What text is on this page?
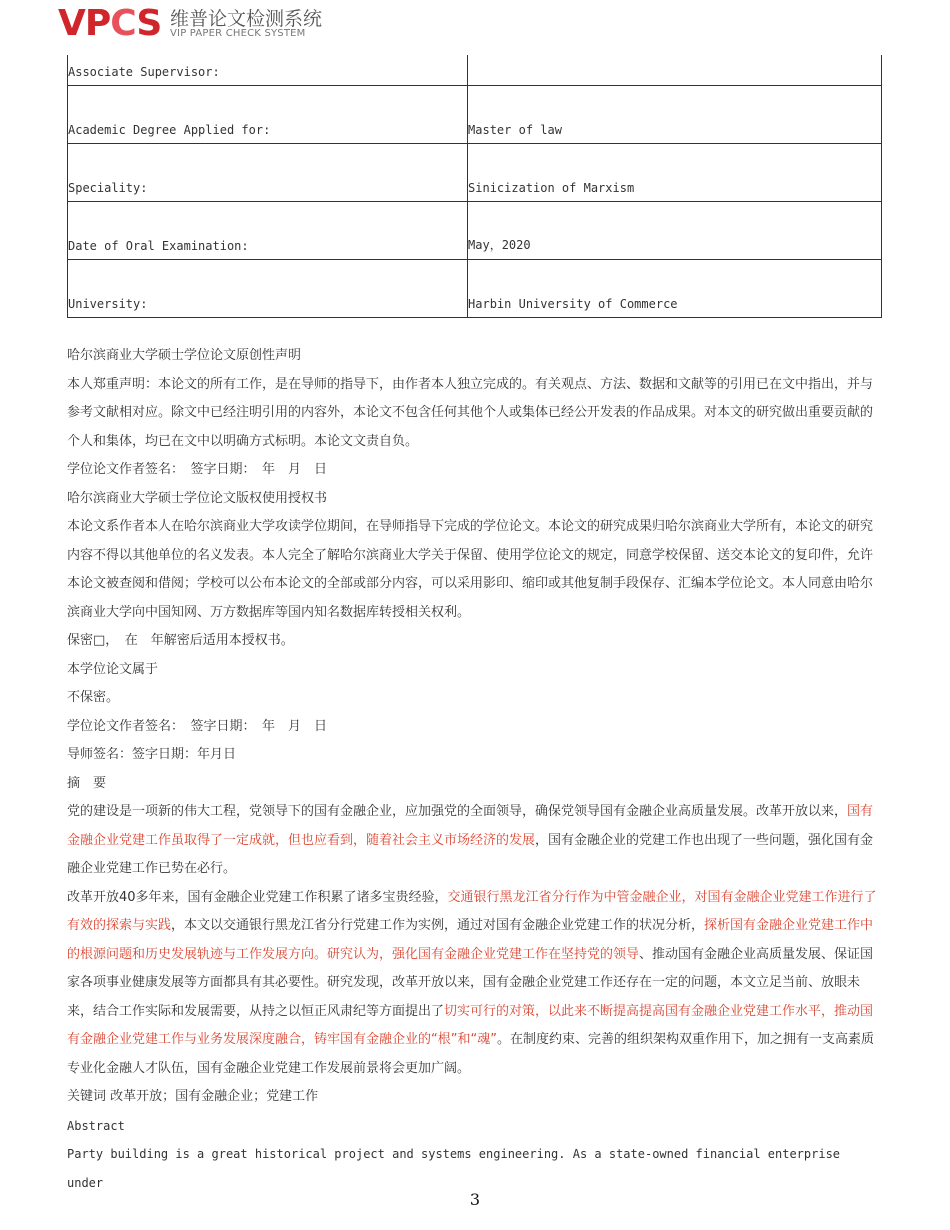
VPCS 维普论文检测系统
VIP PAPER CHECK SYSTEM
Associate Supervisor:
Academic Degree Applied for:	Master of law
Speciality:	Sinicization of Marxism
Date of Oral Examination:	May，2020
University:	Harbin University of Commerce

哈尔滨商业大学硕士学位论文原创性声明

本人郑重声明：本论文的所有工作，是在导师的指导下，由作者本人独立完成的。有关观点、方法、数据和文献等的引用已在文中指出，并与参考文献相对应。除文中已经注明引用的内容外，本论文不包含任何其他个人或集体已经公开发表的作品成果。对本文的研究做出重要贡献的个人和集体，均已在文中以明确方式标明。本论文文责自负。

学位论文作者签名：　签字日期：　年　月　日

哈尔滨商业大学硕士学位论文版权使用授权书

本论文系作者本人在哈尔滨商业大学攻读学位期间，在导师指导下完成的学位论文。本论文的研究成果归哈尔滨商业大学所有，本论文的研究内容不得以其他单位的名义发表。本人完全了解哈尔滨商业大学关于保留、使用学位论文的规定，同意学校保留、送交本论文的复印件，允许本论文被查阅和借阅；学校可以公布本论文的全部或部分内容，可以采用影印、缩印或其他复制手段保存、汇编本学位论文。本人同意由哈尔滨商业大学向中国知网、万方数据库等国内知名数据库转授相关权利。

保密□，　在　年解密后适用本授权书。

本学位论文属于

不保密。

学位论文作者签名：　签字日期：　年　月　日

导师签名：签字日期：年月日

摘　要

党的建设是一项新的伟大工程，党领导下的国有金融企业，应加强党的全面领导，确保党领导国有金融企业高质量发展。改革开放以来，国有金融企业党建工作虽取得了一定成就，但也应看到，随着社会主义市场经济的发展，国有金融企业的党建工作也出现了一些问题，强化国有金融企业党建工作已势在必行。

改革开放40多年来，国有金融企业党建工作积累了诸多宝贵经验，交通银行黑龙江省分行作为中管金融企业，对国有金融企业党建工作进行了有效的探索与实践，本文以交通银行黑龙江省分行党建工作为实例，通过对国有金融企业党建工作的状况分析，探析国有金融企业党建工作中的根源问题和历史发展轨迹与工作发展方向。研究认为，强化国有金融企业党建工作在坚持党的领导、推动国有金融企业高质量发展、保证国家各项事业健康发展等方面都具有其必要性。研究发现，改革开放以来，国有金融企业党建工作还存在一定的问题，本文立足当前、放眼未来，结合工作实际和发展需要，从持之以恒正风肃纪等方面提出了切实可行的对策，以此来不断提高提高国有金融企业党建工作水平，推动国有金融企业党建工作与业务发展深度融合，铸牢国有金融企业的“根”和“魂”。在制度约束、完善的组织架构双重作用下，加之拥有一支高素质专业化金融人才队伍，国有金融企业党建工作发展前景将会更加广阔。

关键词 改革开放；国有金融企业；党建工作

Abstract

Party building is a great historical project and systems engineering. As a state-owned financial enterprise under

3
